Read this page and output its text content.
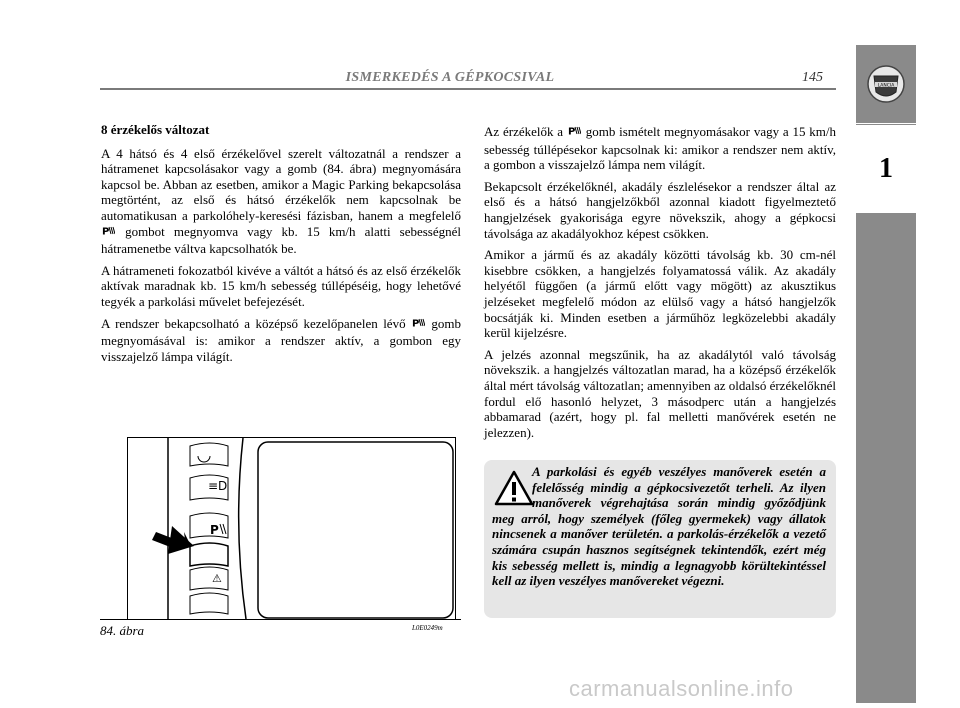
ISMERKEDÉS A GÉPKOCSIVAL	145
LANCIA
1
8 érzékelős változat

A 4 hátsó és 4 első érzékelővel szerelt változatnál a rendszer a hátramenet kapcsolásakor vagy a gomb (84. ábra) megnyomására kapcsol be. Abban az esetben, amikor a Magic Parking bekapcsolása megtörtént, az első és hátsó érzékelők nem kapcsolnak be automatikusan a parkolóhely-keresési fázisban, hanem a megfelelő
P gombot megnyomva vagy kb. 15 km/h alatti sebességnél hátramenetbe váltva kapcsolhatók be.

A hátrameneti fokozatból kivéve a váltót a hátsó és az első érzékelők aktívak maradnak kb. 15 km/h sebesség túllépéséig, hogy lehetővé tegyék a parkolási művelet befejezését.

A rendszer bekapcsolható a középső kezelőpanelen lévő P gomb megnyomásával is: amikor a rendszer aktív, a gombon egy visszajelző lámpa világít.

≡D
P
⚠
84. ábra	L0E0249m

Az érzékelők a P gomb ismételt megnyomásakor vagy a 15 km/h sebesség túllépésekor kapcsolnak ki: amikor a rendszer nem aktív, a gombon a visszajelző lámpa nem világít.

Bekapcsolt érzékelőknél, akadály észlelésekor a rendszer által az első és a hátsó hangjelzőkből azonnal kiadott figyelmeztető hangjelzések gyakorisága egyre növekszik, ahogy a gépkocsi távolsága az akadályokhoz képest csökken.

Amikor a jármű és az akadály közötti távolság kb. 30 cm-nél kisebbre csökken, a hangjelzés folyamatossá válik. Az akadály helyétől függően (a jármű előtt vagy mögött) az akusztikus jelzéseket megfelelő módon az elülső vagy a hátsó hangjelzők bocsátják ki. Minden esetben a járműhöz legközelebbi akadály kerül kijelzésre.

A jelzés azonnal megszűnik, ha az akadálytól való távolság növekszik. a hangjelzés változatlan marad, ha a középső érzékelők által mért távolság változatlan; amennyiben az oldalsó érzékelőknél fordul elő hasonló helyzet, 3 másodperc után a hangjelzés abbamarad (azért, hogy pl. fal melletti manővérek esetén ne jelezzen).

A parkolási és egyéb veszélyes manőverek esetén a felelősség mindig a gépkocsivezetőt terheli. Az ilyen manőverek végrehajtása során mindig győződjünk meg arról, hogy személyek (főleg gyermekek) vagy állatok nincsenek a manőver területén. a parkolás-érzékelők a vezető számára csupán hasznos segítségnek tekintendők, ezért még kis sebesség mellett is, mindig a legnagyobb körültekintéssel kell az ilyen veszélyes manővereket végezni.
carmanualsonline.info
